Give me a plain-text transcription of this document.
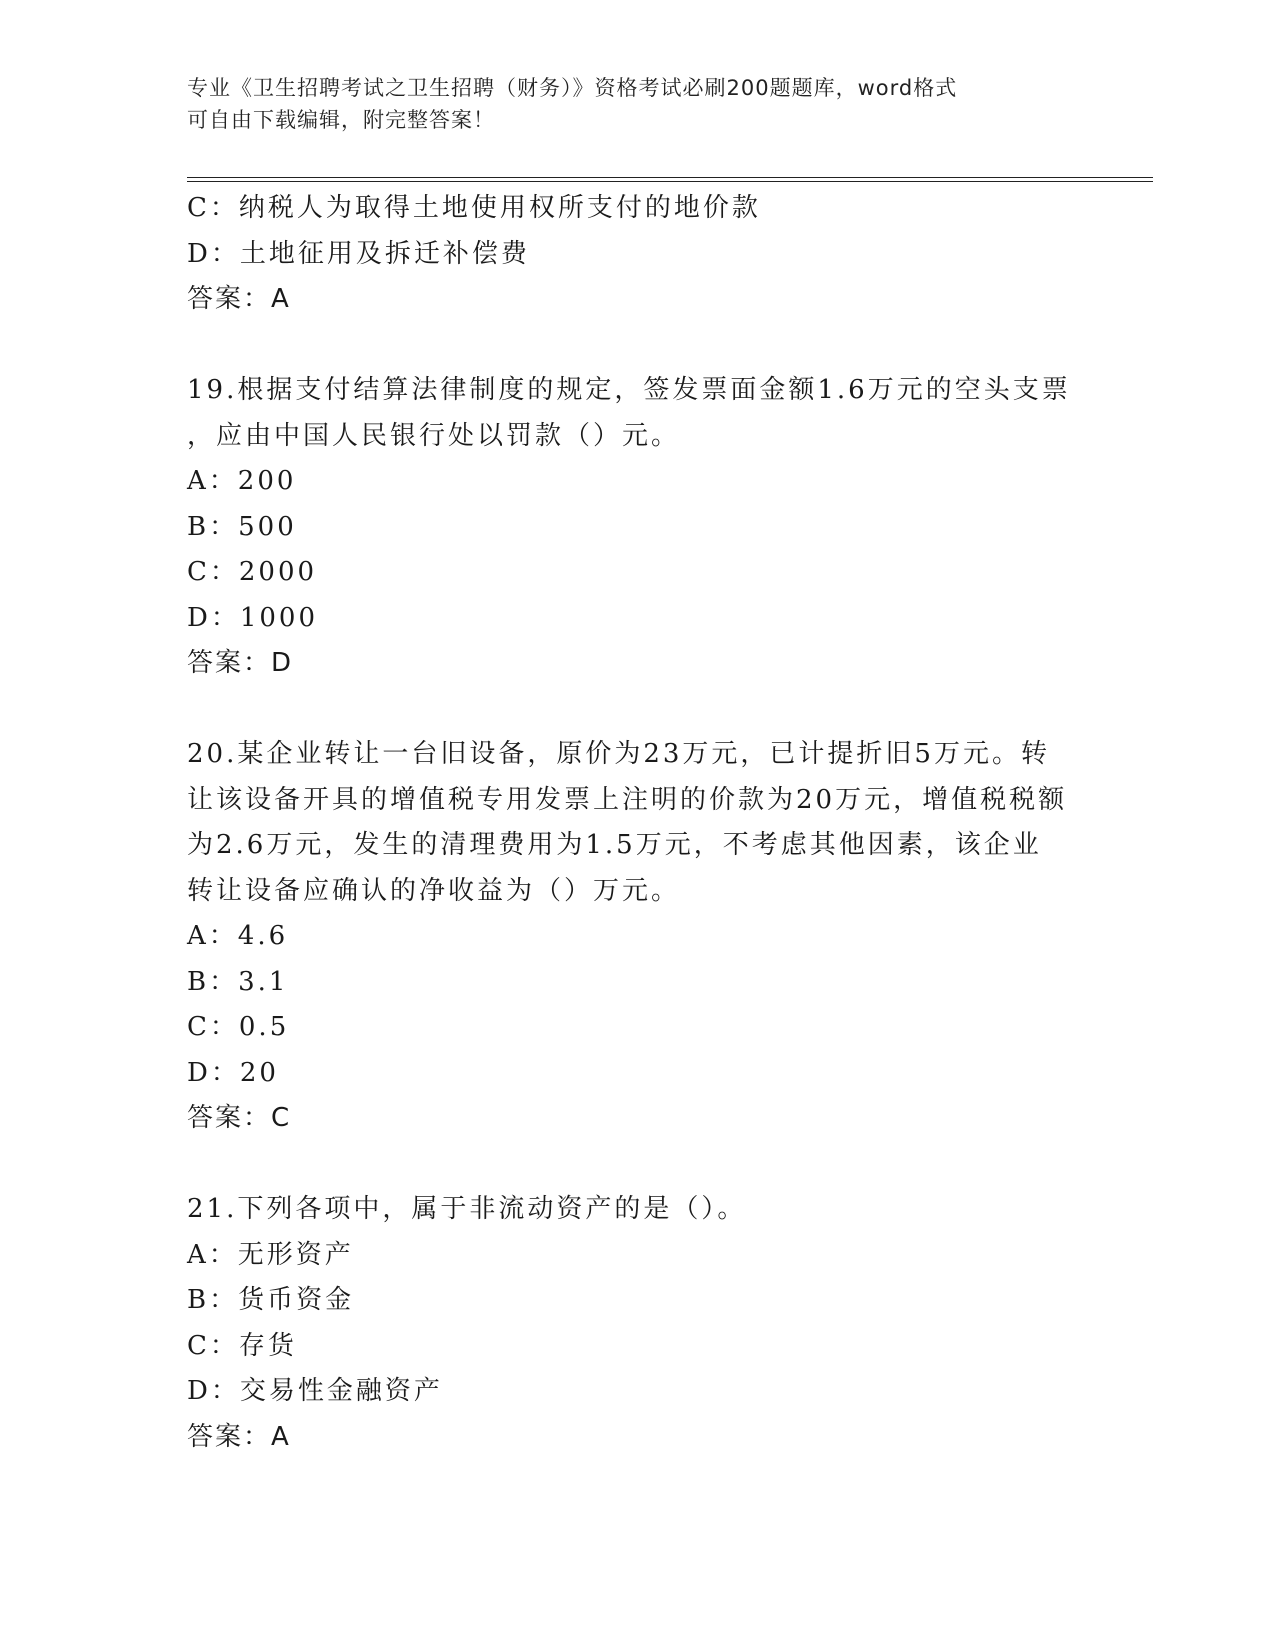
专业《卫生招聘考试之卫生招聘（财务）》资格考试必刷200题题库，word格式
可自由下载编辑，附完整答案！
C：纳税人为取得土地使用权所支付的地价款
D：土地征用及拆迁补偿费
答案：A
19.根据支付结算法律制度的规定，签发票面金额1.6万元的空头支票
，应由中国人民银行处以罚款（）元。
A：200
B：500
C：2000
D：1000
答案：D
20.某企业转让一台旧设备，原价为23万元，已计提折旧5万元。转
让该设备开具的增值税专用发票上注明的价款为20万元，增值税税额
为2.6万元，发生的清理费用为1.5万元，不考虑其他因素，该企业
转让设备应确认的净收益为（）万元。
A：4.6
B：3.1
C：0.5
D：20
答案：C
21.下列各项中，属于非流动资产的是（）。
A：无形资产
B：货币资金
C：存货
D：交易性金融资产
答案：A
